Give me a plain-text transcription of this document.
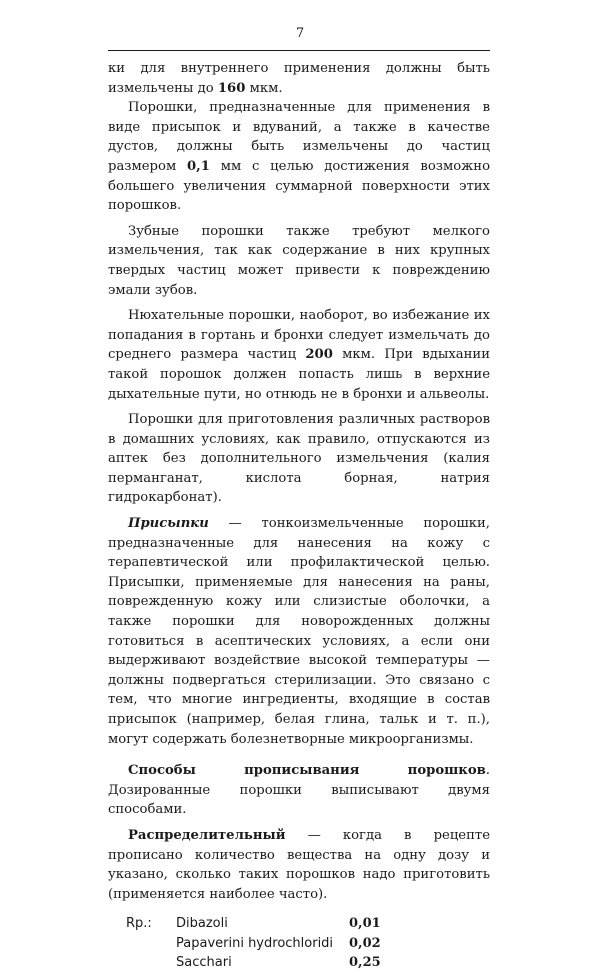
7

ки для внутреннего применения должны быть измельчены до 160 мкм.

Порошки, предназначенные для применения в виде присыпок и вдуваний, а также в качестве дустов, должны быть измельчены до частиц размером 0,1 мм с целью достижения возможно большего увеличения суммарной поверхности этих порошков.

Зубные порошки также требуют мелкого измельчения, так как содержание в них крупных твердых частиц может привести к повреждению эмали зубов.

Нюхательные порошки, наоборот, во избежание их попадания в гортань и бронхи следует измельчать до среднего размера частиц 200 мкм. При вдыхании такой порошок должен попасть лишь в верхние дыхательные пути, но отнюдь не в бронхи и альвеолы.

Порошки для приготовления различных растворов в домашних условиях, как правило, отпускаются из аптек без дополнительного измельчения (калия перманганат, кислота борная, натрия гидрокарбонат).

Присыпки — тонкоизмельченные порошки, предназначенные для нанесения на кожу с терапевтической или профилактической целью. Присыпки, применяемые для нанесения на раны, поврежденную кожу или слизистые оболочки, а также порошки для новорожденных должны готовиться в асептических условиях, а если они выдерживают воздействие высокой температуры — должны подвергаться стерилизации. Это связано с тем, что многие ингредиенты, входящие в состав присыпок (например, белая глина, тальк и т. п.), могут содержать болезнетворные микроорганизмы.

Способы прописывания порошков. Дозированные порошки выписывают двумя способами.

Распределительный — когда в рецепте прописано количество вещества на одну дозу и указано, сколько таких порошков надо приготовить (применяется наиболее часто).

Rp.:	Dibazoli	0,01
Papaverini hydrochloridi	0,02
Sacchari	0,25
